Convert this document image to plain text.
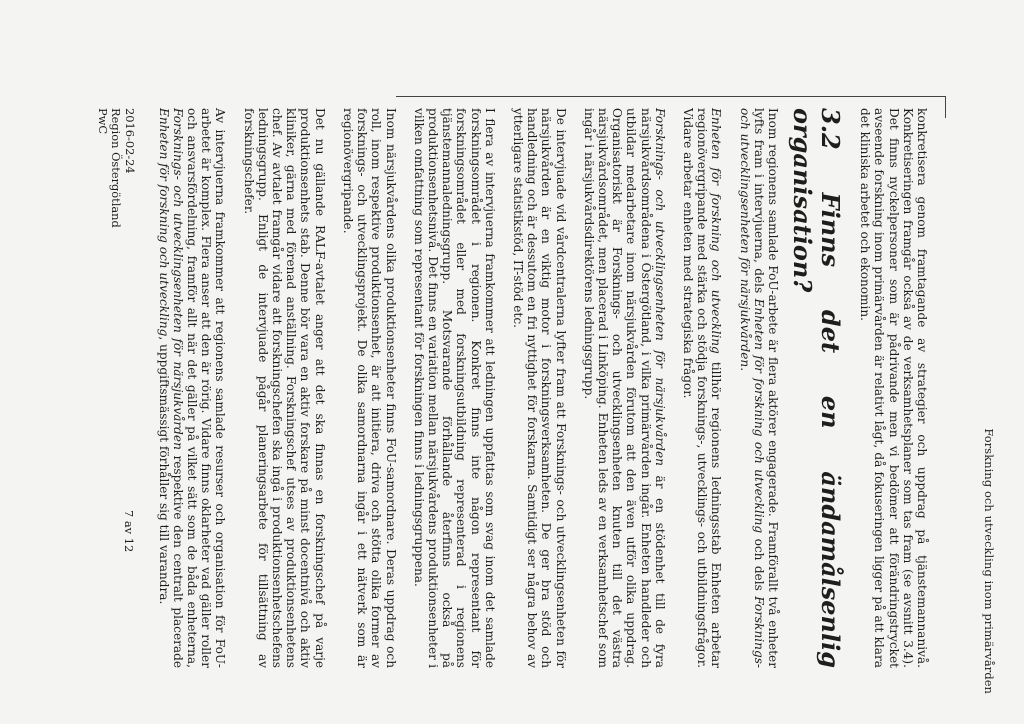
Forskning och utveckling inom primärvården

konkretisera genom framtagande av strategier och uppdrag på tjänstemannanivå. Konkretiseringen framgår också av de verksamhetsplaner som tas fram (se avsnitt 3.4). Det finns nyckelpersoner som är pådrivande men vi bedömer att förändringstrycket avseende forskning inom primärvården är relativt lågt, då fokuseringen ligger på att klara det kliniska arbetet och ekonomin.

3.2 Finns det en ändamålsenlig organisation?

Inom regionens samlade FoU-arbete är flera aktörer engagerade. Framförallt två enheter lyfts fram i intervjuerna, dels Enheten för forskning och utveckling och dels Forsknings- och utvecklingsenheten för närsjukvården.

Enheten för forskning och utveckling tillhör regionens ledningsstab Enheten arbetar regionövergripande med stärka och stödja forsknings-, utvecklings- och utbildningsfrågor. Vidare arbetar enheten med strategiska frågor.

Forsknings- och utvecklingsenheten för närsjukvården är en stödenhet till de fyra närsjukvårdsområdena i Östergötland, i vilka primärvården ingår. Enheten handleder och utbildar medarbetare inom närsjukvården förutom att den även utför olika uppdrag. Organisatoriskt är Forsknings- och utvecklingsenheten knuten till det västra närsjukvårdsområdet, men placerad i Linköping. Enheten leds av en verksamhetschef som ingår i närsjukvårdsdirektörens ledningsgrupp.

De intervjuade vid vårdcentralerna lyfter fram att Forsknings- och utvecklingsenheten för närsjukvården är en viktig motor i forskningsverksamheten. De ger bra stöd och handledning och är dessutom en fri nyttighet för forskarna. Samtidigt ser några behov av ytterligare statistikstöd, IT-stöd etc.

I flera av intervjuerna framkommer att ledningen uppfattas som svag inom det samlade forskningsområdet i regionen. Konkret finns inte någon representant för forskningsområdet eller med forskningsutbildning representerad i regionens tjänstemannaledningsgrupp. Motsvarande förhållande återfinns också på produktionsenhetsnivå. Det finns en variation mellan närsjukvårdens produktionsenheter i vilken omfattning som representant för forskningen finns i ledningsgruppena.

Inom närsjukvårdens olika produktionsenheter finns FoU-samordnare. Deras uppdrag och roll, inom respektive produktionsenhet, är att initiera, driva och stötta olika former av forsknings- och utvecklingsprojekt. De olika samordnarna ingår i ett nätverk som är regionövergripande.

Det nu gällande RALF-avtalet anger att det ska finnas en forskningschef på varje produktionsenhets stab. Denne bör vara en aktiv forskare på minst docentnivå och aktiv kliniker, gärna med förenad anställning. Forskningschef utses av produktionsenhetens chef. Av avtalet framgår vidare att forskningschefen ska ingå i produktionsenhetschefens ledningsgrupp. Enligt de intervjuade pågår planeringsarbete för tillsättning av forskningschefer.

Av intervjuerna framkommer att regionens samlade resurser och organisation för FoU-arbetet är komplex. Flera anser att den är rörig. Vidare finns oklarheter vad gäller roller och ansvarsfördelning, framför allt när det gäller på vilket sätt som de båda enheterna, Forsknings- och utvecklingsenheten för närsjukvården respektive den centralt placerade Enheten för forskning och utveckling, uppgiftsmässigt förhåller sig till varandra.

2016-02-24
Region Östergötland
PwC
7 av 12
